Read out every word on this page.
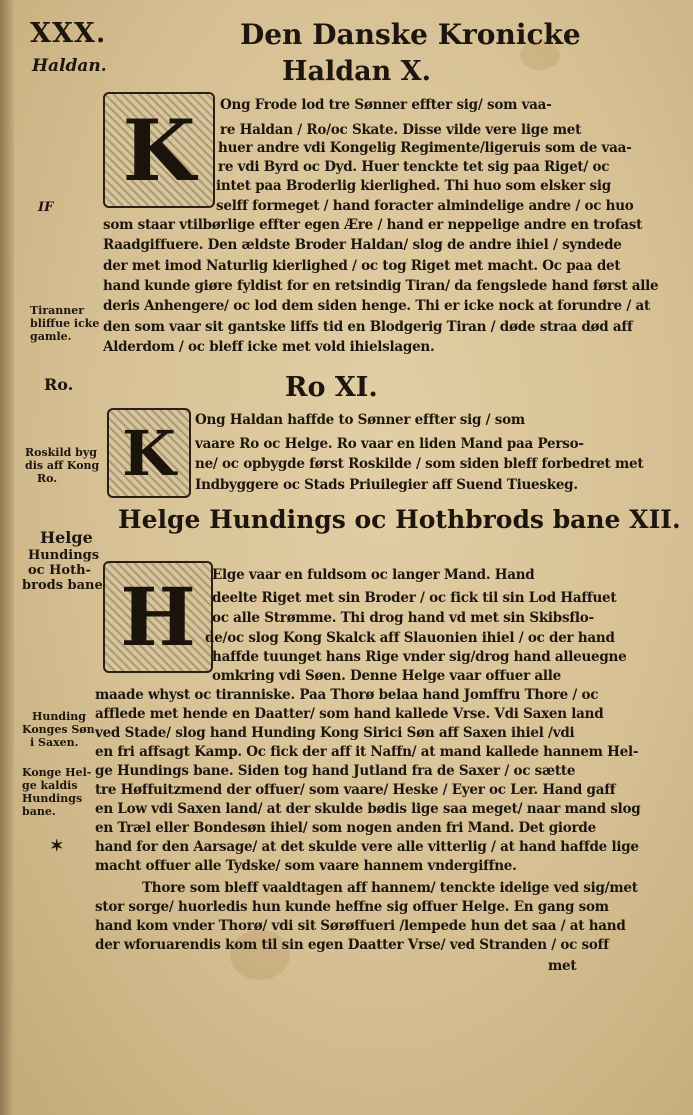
XXX.	Den Danske Kronicke
Haldan.	Haldan X.
K
IF
Ong Frode lod tre Sønner effter sig/ som vaa-
re Haldan / Ro/oc Skate. Disse vilde vere lige met
huer andre vdi Kongelig Regimente/ligeruis som de vaa-
re vdi Byrd oc Dyd. Huer tenckte tet sig paa Riget/ oc
intet paa Broderlig kierlighed. Thi huo som elsker sig
selff formeget / hand foracter almindelige andre / oc huo
som staar vtilbørlige effter egen Ære / hand er neppelige andre en trofast
Raadgiffuere. Den ældste Broder Haldan/ slog de andre ihiel / syndede
der met imod Naturlig kierlighed / oc tog Riget met macht. Oc paa det
hand kunde giøre fyldist for en retsindig Tiran/ da fengslede hand først alle
deris Anhengere/ oc lod dem siden henge. Thi er icke nock at forundre / at
den som vaar sit gantske liffs tid en Blodgerig Tiran / døde straa død aff
Alderdom / oc bleff icke met vold ihielslagen.
Tiranner
bliffue icke
gamle.
Ro.	Ro XI.
K	Ong Haldan haffde to Sønner effter sig / som
vaare Ro oc Helge. Ro vaar en liden Mand paa Perso-
ne/ oc opbygde først Roskilde / som siden bleff forbedret met
Indbyggere oc Stads Priuilegier aff Suend Tiueskeg.
Roskild byg
dis aff Kong
Ro.
Helge
Hundings
oc Hoth-
brods bane
Helge Hundings oc Hothbrods bane XII.
H	Elge vaar en fuldsom oc langer Mand. Hand
deelte Riget met sin Broder / oc fick til sin Lod Haffuet
oc alle Strømme. Thi drog hand vd met sin Skibsflo-
de/oc slog Kong Skalck aff Slauonien ihiel / oc der hand
haffde tuunget hans Rige vnder sig/drog hand alleuegne
omkring vdi Søen. Denne Helge vaar offuer alle
maade whyst oc tiranniske. Paa Thorø belaa hand Jomffru Thore / oc
afflede met hende en Daatter/ som hand kallede Vrse. Vdi Saxen land
ved Stade/ slog hand Hunding Kong Sirici Søn aff Saxen ihiel /vdi
en fri affsagt Kamp. Oc fick der aff it Naffn/ at mand kallede hannem Hel-
ge Hundings bane. Siden tog hand Jutland fra de Saxer / oc sætte
tre Høffuitzmend der offuer/ som vaare/ Heske / Eyer oc Ler. Hand gaff
en Low vdi Saxen land/ at der skulde bødis lige saa meget/ naar mand slog
en Træl eller Bondesøn ihiel/ som nogen anden fri Mand. Det giorde
hand for den Aarsage/ at det skulde vere alle vitterlig / at hand haffde lige
macht offuer alle Tydske/ som vaare hannem vndergiffne.
Thore som bleff vaaldtagen aff hannem/ tenckte idelige ved sig/met
stor sorge/ huorledis hun kunde heffne sig offuer Helge. En gang som
hand kom vnder Thorø/ vdi sit Sørøffueri /lempede hun det saa / at hand
der wforuarendis kom til sin egen Daatter Vrse/ ved Stranden / oc soff
met
Hunding
Konges Søn
i Saxen.
Konge Hel-
ge kaldis
Hundings
bane.
✶
